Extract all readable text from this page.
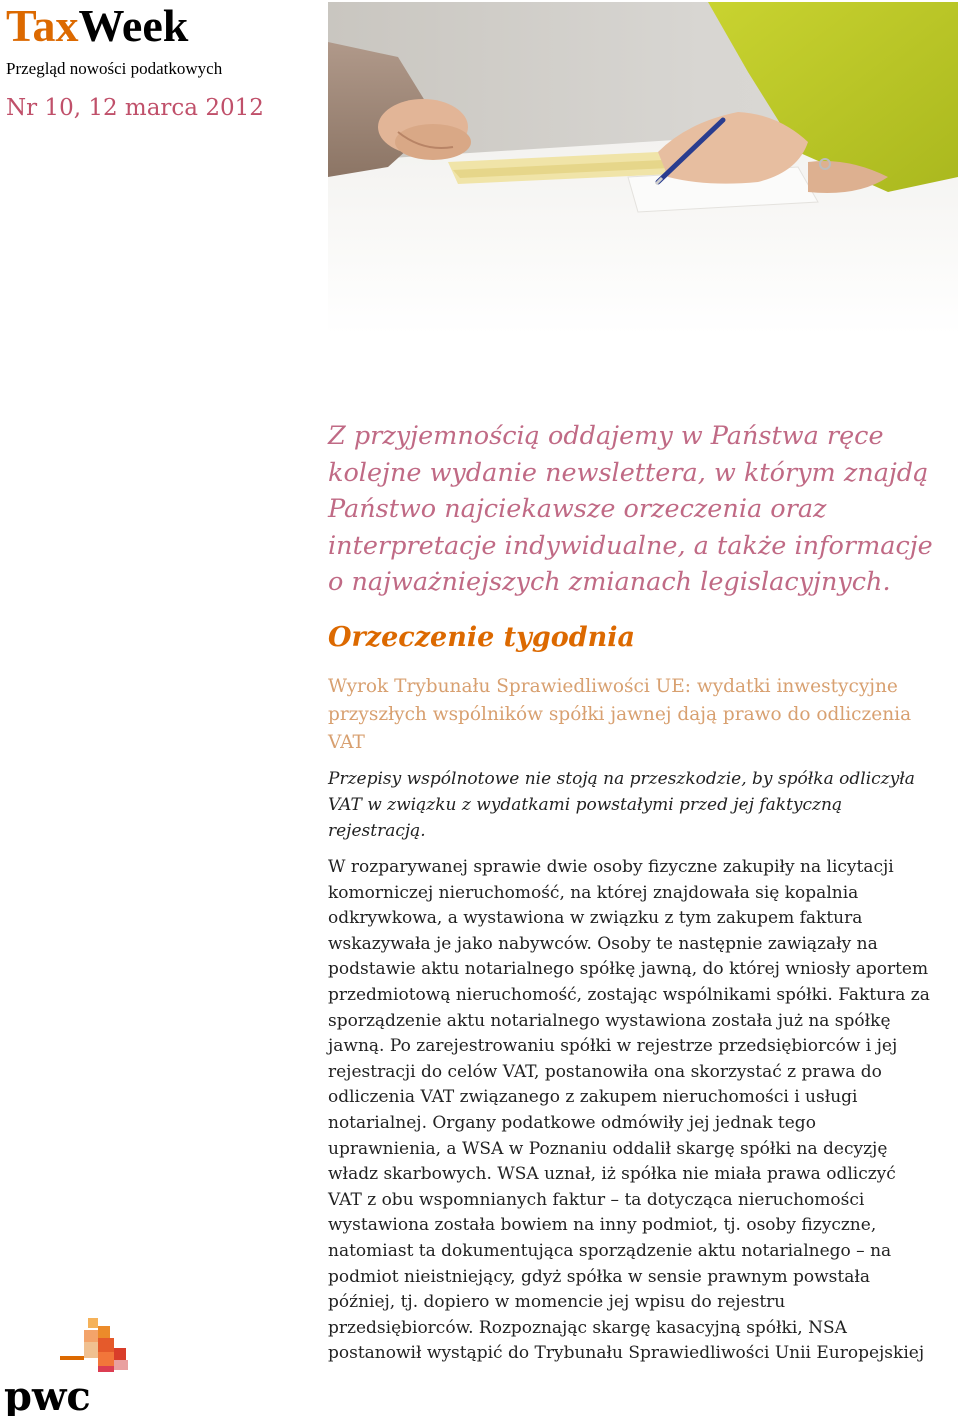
TaxWeek
Przegląd nowości podatkowych
Nr 10, 12 marca 2012
Z przyjemnością oddajemy w Państwa ręce
kolejne wydanie newslettera, w którym znajdą
Państwo najciekawsze orzeczenia oraz
interpretacje indywidualne, a także informacje
o najważniejszych zmianach legislacyjnych.
Orzeczenie tygodnia
Wyrok Trybunału Sprawiedliwości UE: wydatki inwestycyjne
przyszłych wspólników spółki jawnej dają prawo do odliczenia
VAT
Przepisy wspólnotowe nie stoją na przeszkodzie, by spółka odliczyła
VAT w związku z wydatkami powstałymi przed jej faktyczną
rejestracją.
W rozparywanej sprawie dwie osoby fizyczne zakupiły na licytacji
komorniczej nieruchomość, na której znajdowała się kopalnia
odkrywkowa, a wystawiona w związku z tym zakupem faktura
wskazywała je jako nabywców. Osoby te następnie zawiązały na
podstawie aktu notarialnego spółkę jawną, do której wniosły aportem
przedmiotową nieruchomość, zostając wspólnikami spółki. Faktura za
sporządzenie aktu notarialnego wystawiona została już na spółkę
jawną. Po zarejestrowaniu spółki w rejestrze przedsiębiorców i jej
rejestracji do celów VAT, postanowiła ona skorzystać z prawa do
odliczenia VAT związanego z zakupem nieruchomości i usługi
notarialnej. Organy podatkowe odmówiły jej jednak tego
uprawnienia, a WSA w Poznaniu oddalił skargę spółki na decyzję
władz skarbowych. WSA uznał, iż spółka nie miała prawa odliczyć
VAT z obu wspomnianych faktur – ta dotycząca nieruchomości
wystawiona została bowiem na inny podmiot, tj. osoby fizyczne,
natomiast ta dokumentująca sporządzenie aktu notarialnego – na
podmiot nieistniejący, gdyż spółka w sensie prawnym powstała
później, tj. dopiero w momencie jej wpisu do rejestru
przedsiębiorców. Rozpoznając skargę kasacyjną spółki, NSA
postanowił wystąpić do Trybunału Sprawiedliwości Unii Europejskiej
pwc
